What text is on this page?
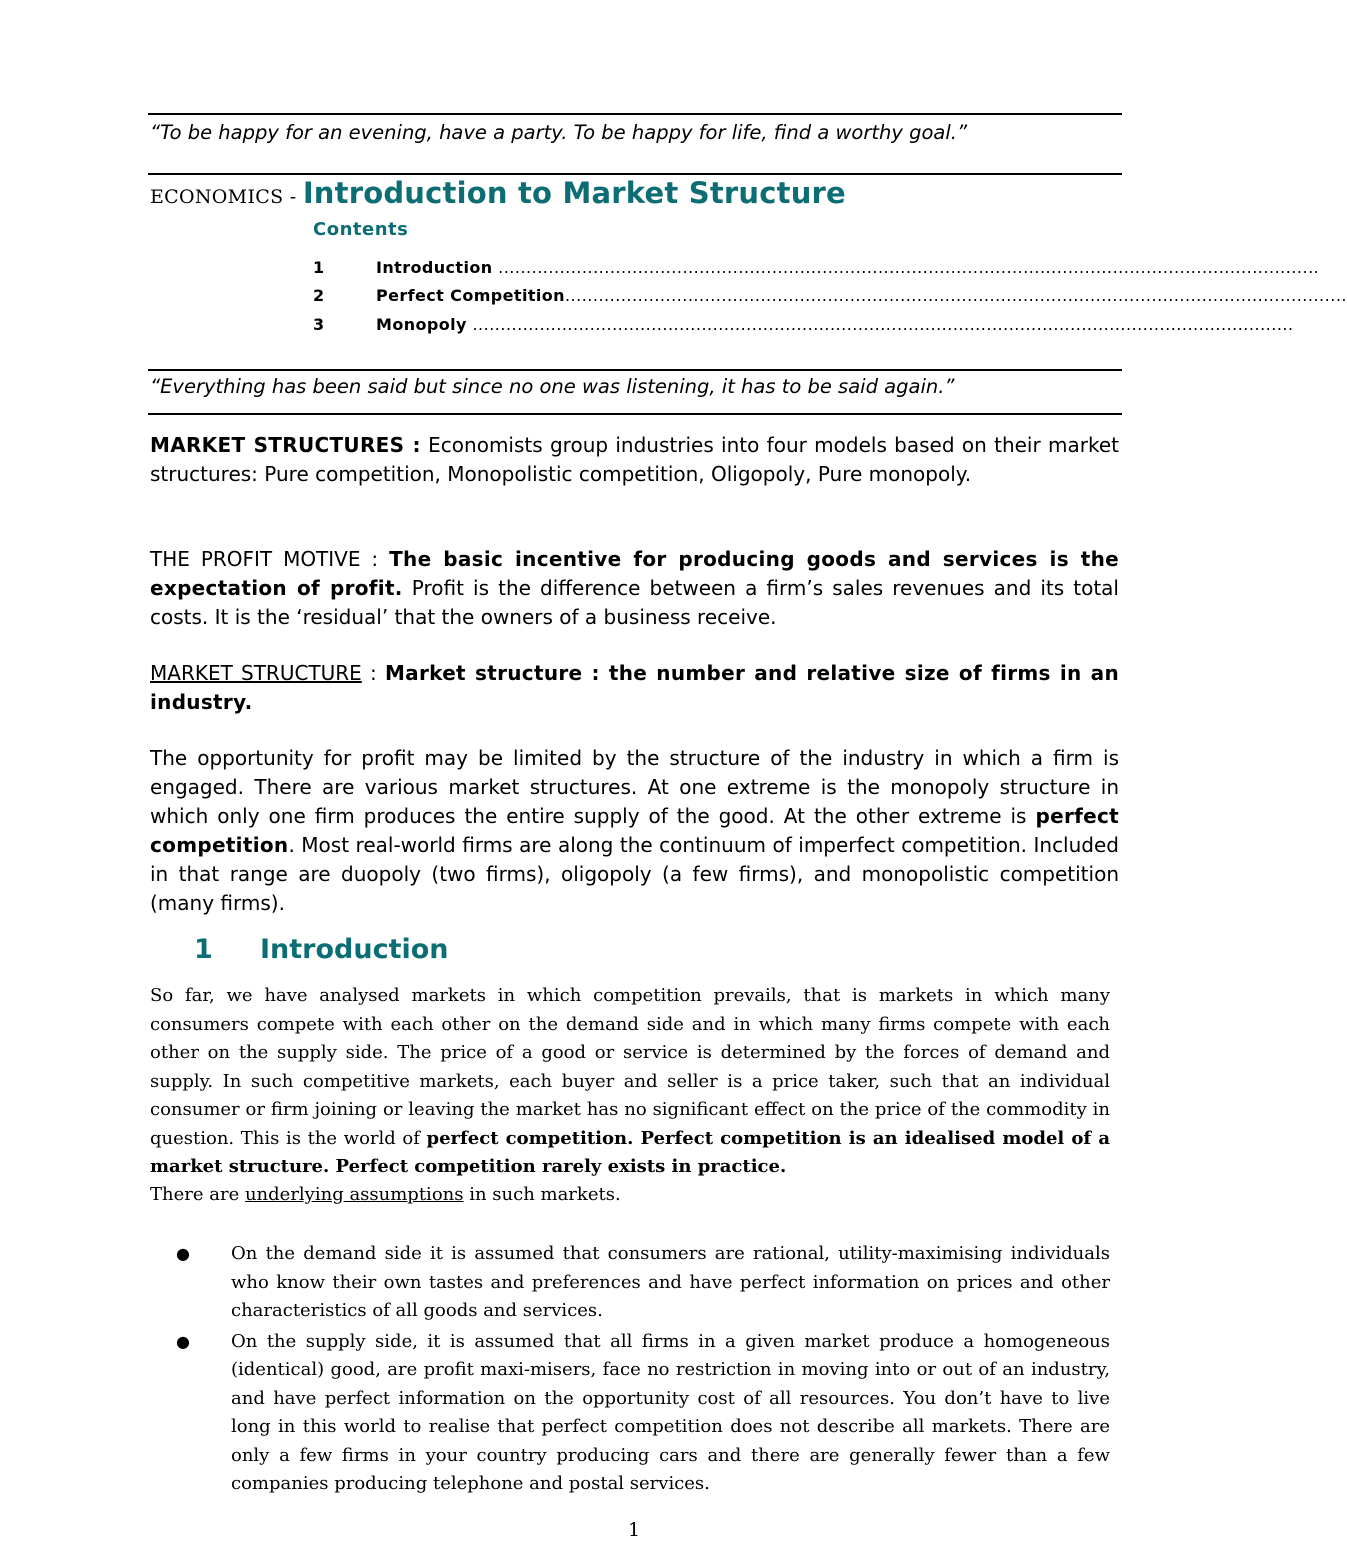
“To be happy for an evening, have a party. To be happy for life, find a worthy goal.”
ECONOMICS - Introduction to Market Structure
Contents
1	Introduction ...................................................................................................................................................
2	Perfect Competition............................................................................................................................................
3	Monopoly ...................................................................................................................................................
“Everything has been said but since no one was listening, it has to be said again.”
MARKET STRUCTURES : Economists group industries into four models based on their market structures: Pure competition, Monopolistic competition, Oligopoly, Pure monopoly.
THE PROFIT MOTIVE : The basic incentive for producing goods and services is the expectation of profit. Profit is the difference between a firm’s sales revenues and its total costs. It is the ‘residual’ that the owners of a business receive.
MARKET STRUCTURE : Market structure : the number and relative size of firms in an industry.
The opportunity for profit may be limited by the structure of the industry in which a firm is engaged. There are various market structures. At one extreme is the monopoly structure in which only one firm produces the entire supply of the good. At the other extreme is perfect competition. Most real-world firms are along the continuum of imperfect competition. Included in that range are duopoly (two firms), oligopoly (a few firms), and monopolistic competition (many firms).
1 Introduction
So far, we have analysed markets in which competition prevails, that is markets in which many consumers compete with each other on the demand side and in which many firms compete with each other on the supply side. The price of a good or service is determined by the forces of demand and supply. In such competitive markets, each buyer and seller is a price taker, such that an individual consumer or firm joining or leaving the market has no significant effect on the price of the commodity in question. This is the world of perfect competition. Perfect competition is an idealised model of a market structure. Perfect competition rarely exists in practice.
There are underlying assumptions in such markets.
● On the demand side it is assumed that consumers are rational, utility-maximising individuals who know their own tastes and preferences and have perfect information on prices and other characteristics of all goods and services.
● On the supply side, it is assumed that all firms in a given market produce a homogeneous (identical) good, are profit maxi-misers, face no restriction in moving into or out of an industry, and have perfect information on the opportunity cost of all resources. You don’t have to live long in this world to realise that perfect competition does not describe all markets. There are only a few firms in your country producing cars and there are generally fewer than a few companies producing telephone and postal services.
1
